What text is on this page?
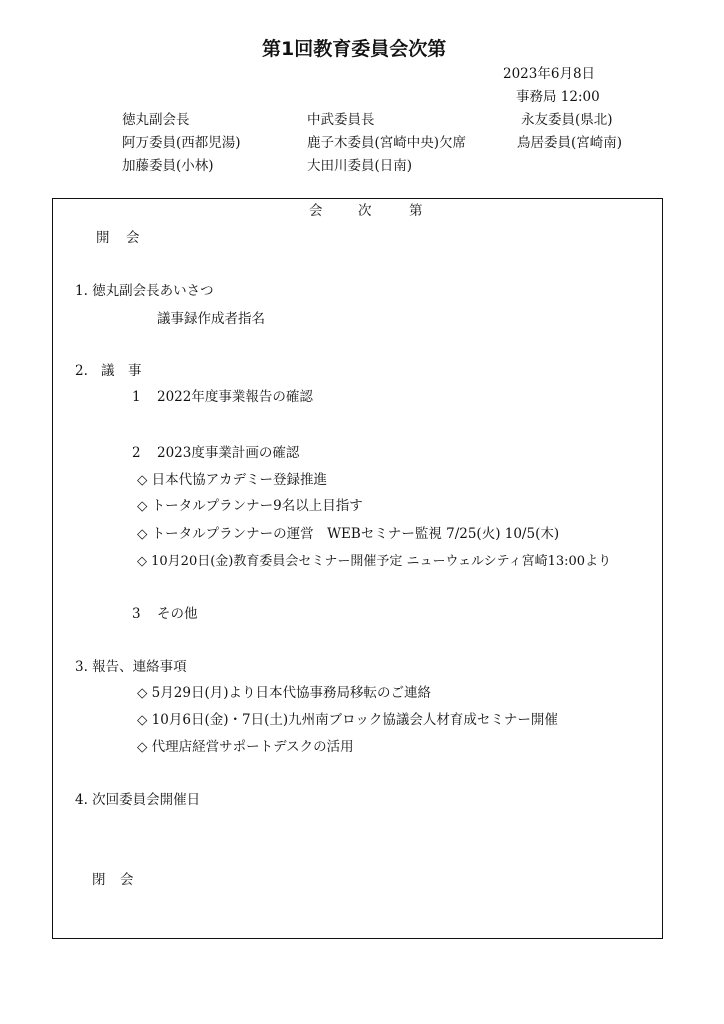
第1回教育委員会次第
2023年6月8日
事務局 12:00
徳丸副会長	中武委員長	永友委員(県北)
阿万委員(西都児湯)	鹿子木委員(宮崎中央)欠席	鳥居委員(宮崎南)
加藤委員(小林)	大田川委員(日南)
会	次	第
開 会
1. 徳丸副会長あいさつ
議事録作成者指名
2. 議 事
1 2022年度事業報告の確認
2 2023度事業計画の確認
◇ 日本代協アカデミー登録推進
◇ トータルプランナー9名以上目指す
◇ トータルプランナーの運営　WEBセミナー監視 7/25(火) 10/5(木)
◇ 10月20日(金)教育委員会セミナー開催予定 ニューウェルシティ宮崎13:00より
3 その他
3. 報告、連絡事項
◇ 5月29日(月)より日本代協事務局移転のご連絡
◇ 10月6日(金)・7日(土)九州南ブロック協議会人材育成セミナー開催
◇ 代理店経営サポートデスクの活用
4. 次回委員会開催日
閉 会
